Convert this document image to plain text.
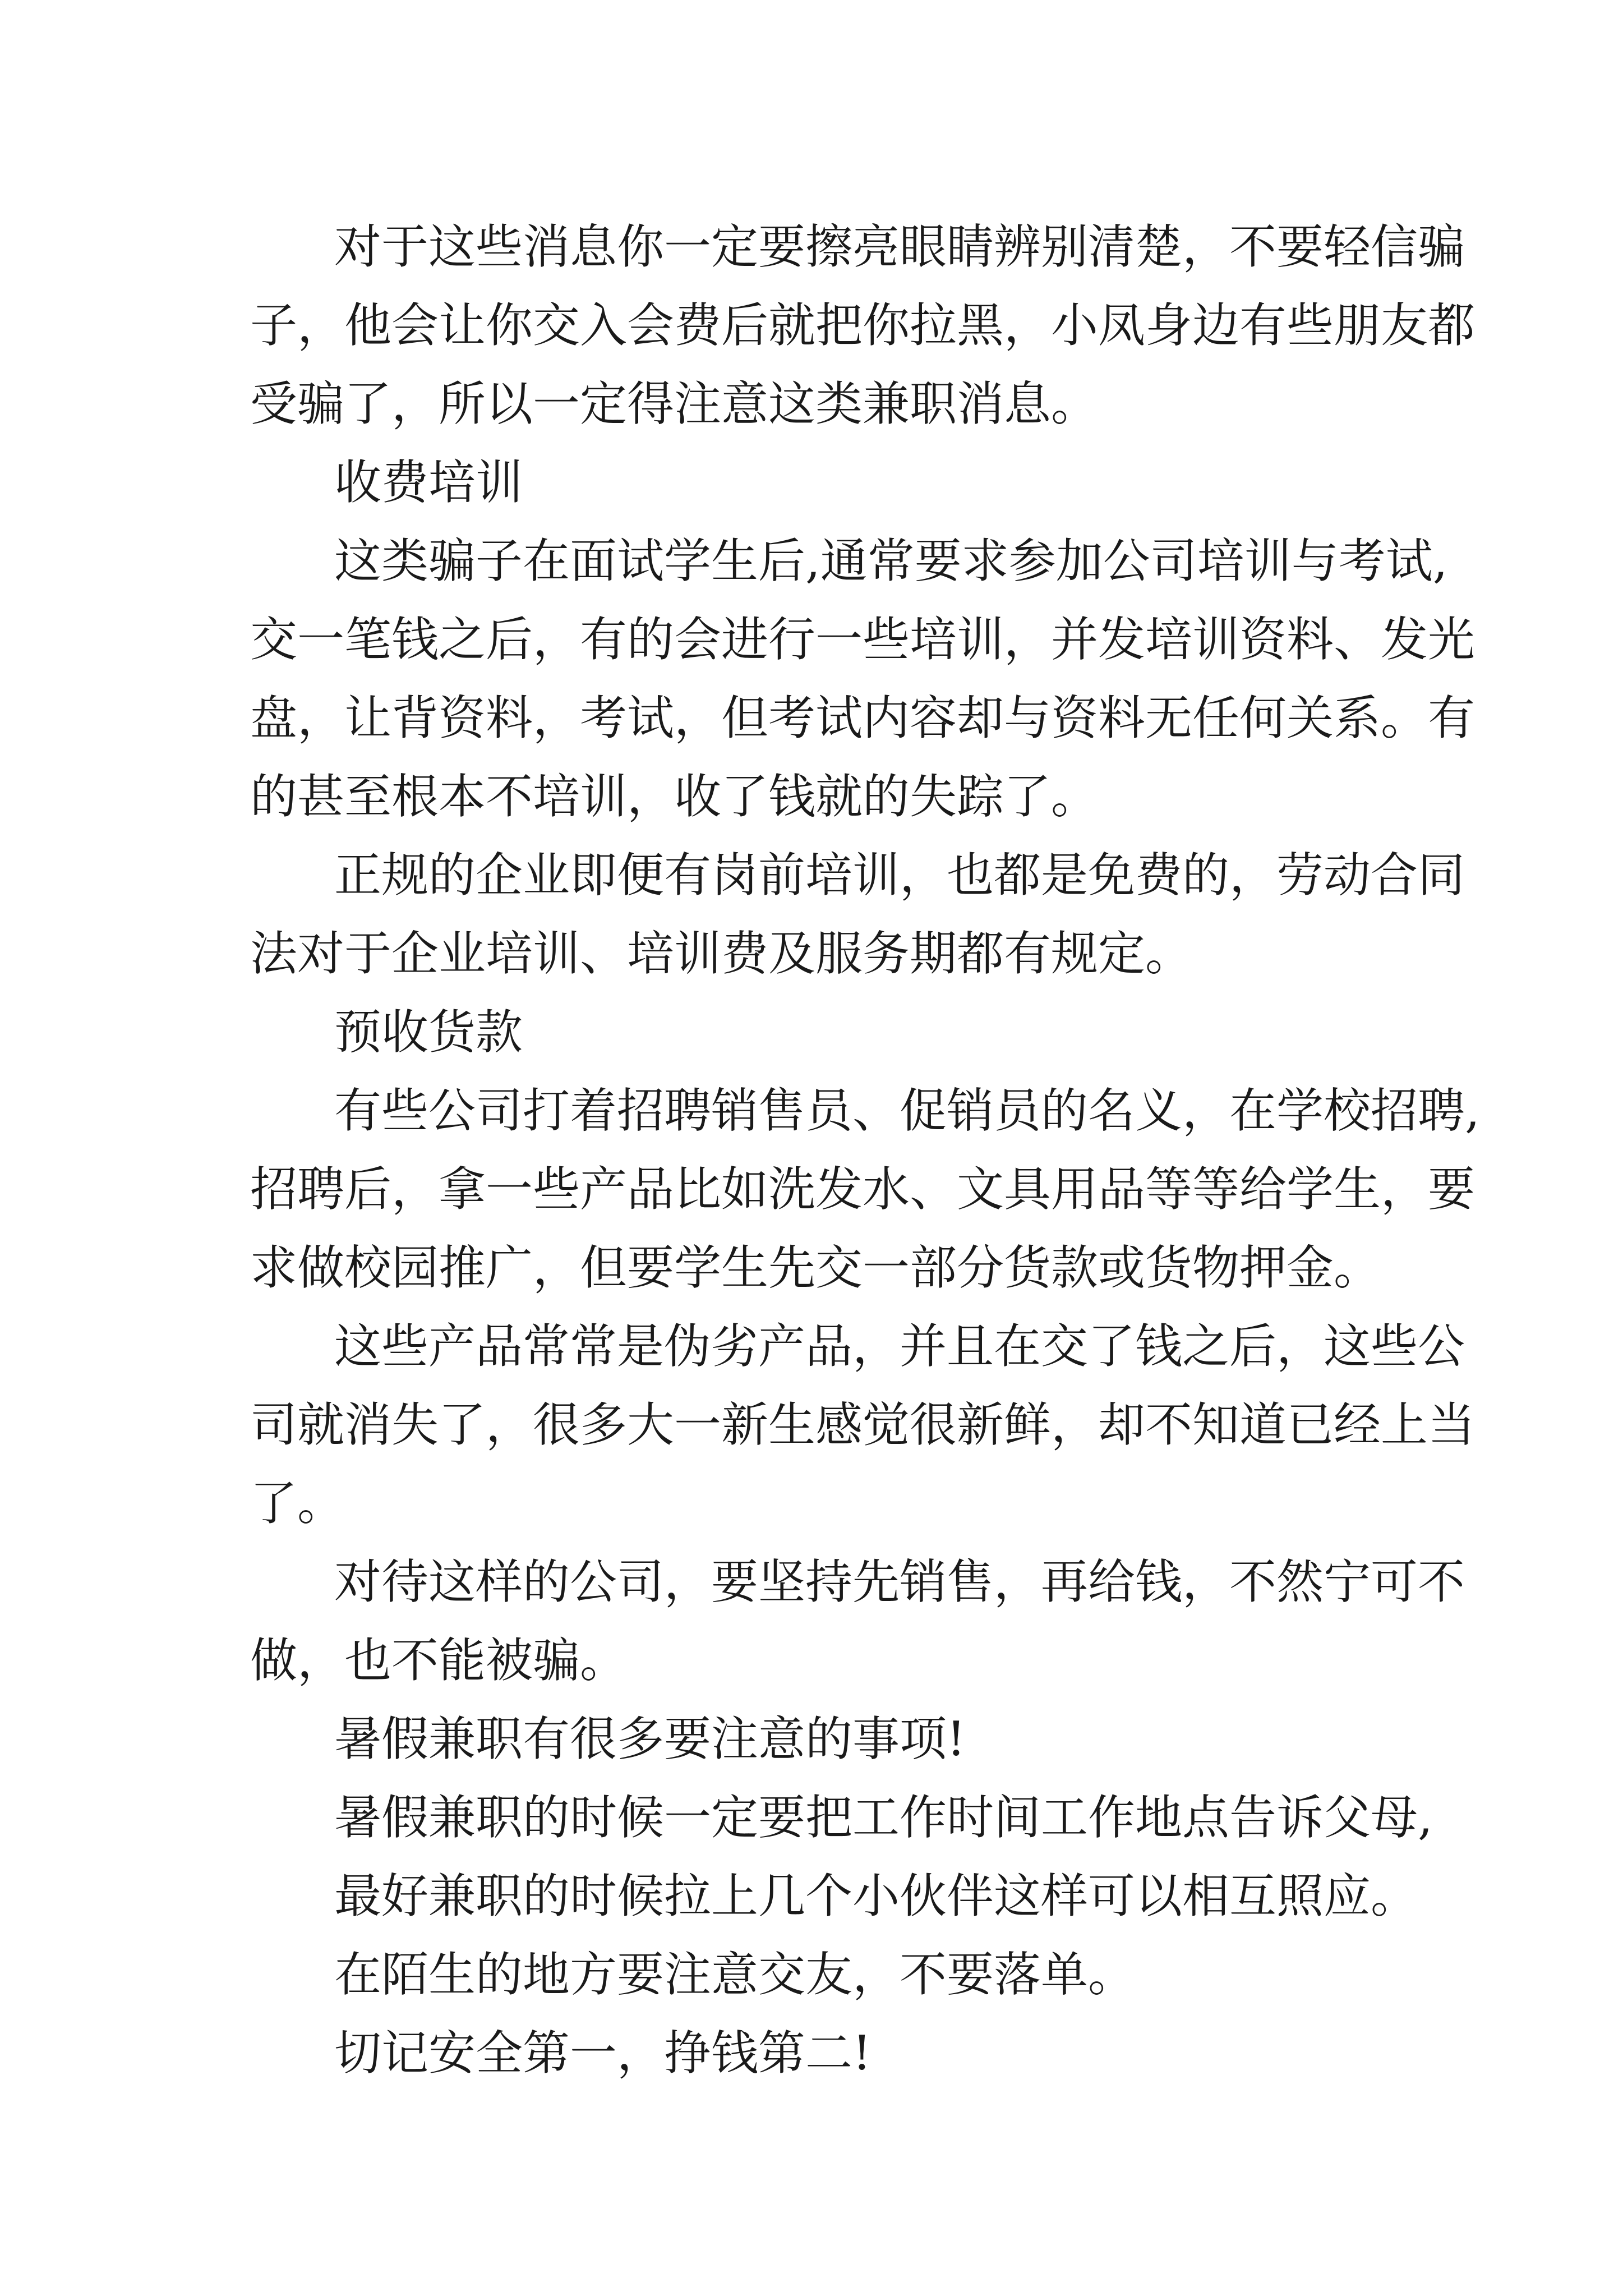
对于这些消息你一定要擦亮眼睛辨别清楚，不要轻信骗
子，他会让你交入会费后就把你拉黑，小凤身边有些朋友都
受骗了，所以一定得注意这类兼职消息。
收费培训
这类骗子在面试学生后,通常要求参加公司培训与考试,
交一笔钱之后，有的会进行一些培训，并发培训资料、发光
盘，让背资料，考试，但考试内容却与资料无任何关系。有
的甚至根本不培训，收了钱就的失踪了。
正规的企业即便有岗前培训，也都是免费的，劳动合同
法对于企业培训、培训费及服务期都有规定。
预收货款
有些公司打着招聘销售员、促销员的名义，在学校招聘,
招聘后，拿一些产品比如洗发水、文具用品等等给学生，要
求做校园推广，但要学生先交一部分货款或货物押金。
这些产品常常是伪劣产品，并且在交了钱之后，这些公
司就消失了，很多大一新生感觉很新鲜，却不知道已经上当
了。
对待这样的公司，要坚持先销售，再给钱，不然宁可不
做，也不能被骗。
暑假兼职有很多要注意的事项!
暑假兼职的时候一定要把工作时间工作地点告诉父母,
最好兼职的时候拉上几个小伙伴这样可以相互照应。
在陌生的地方要注意交友，不要落单。
切记安全第一，挣钱第二!
